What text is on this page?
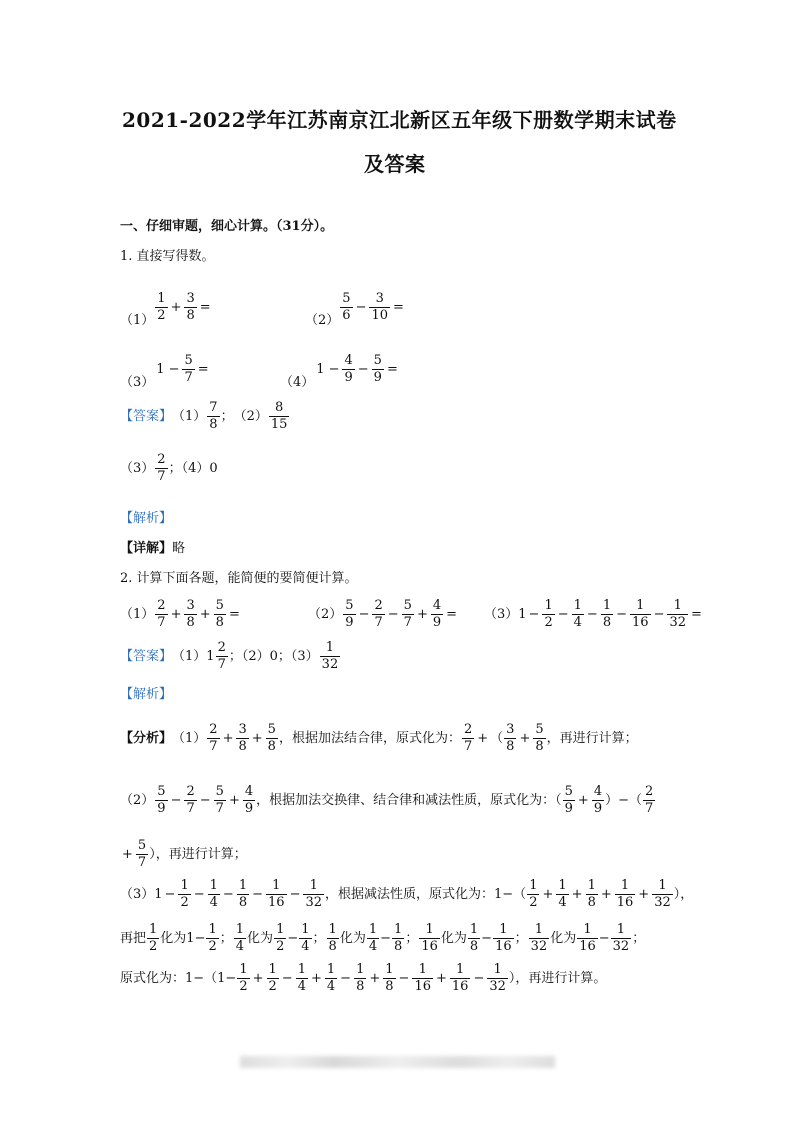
2021-2022学年江苏南京江北新区五年级下册数学期末试卷
及答案
一、仔细审题，细心计算。（31分）。
1. 直接写得数。
$(1) \frac{1}{2} + \frac{3}{8}$ =
$(2) \frac{5}{6} - \frac{3}{10}$ =
（3）
$1 - \frac{5}{7}$ =
（4）
$1 - \frac{4}{9} - \frac{5}{9}$ =
【答案】 $(1) \frac{7}{8}$ ； $(2) \frac{8}{15}$
$(3) \frac{2}{7}$ ；（4）0
【解析】
【详解】略
2. 计算下面各题，能简便的要简便计算。
$(1) \frac{2}{7} + \frac{3}{8} + \frac{5}{8}$ =	$(2) \frac{5}{9} - \frac{2}{7} - \frac{5}{7} + \frac{4}{9} = (3)1 - \frac{1}{2} - \frac{1}{4} - \frac{1}{8} - \frac{1}{16} - \frac{1}{32}$ =
【答案】 $(1)1 \frac{2}{7}$ ；（2）0；$(3) \frac{1}{32}$
【解析】
【分析】 $(1) \frac{2}{7} + \frac{3}{8} + \frac{5}{8}$ ，根据加法结合律，原式化为： $\frac{2}{7}$ + （ $\frac{3}{8} + \frac{5}{8}$ ，再进行计算；
$(2) \frac{5}{9} - \frac{2}{7} - \frac{5}{7} + \frac{4}{9}$ ，根据加法交换律、结合律和减法性质，原式化为：（ $\frac{5}{9} + \frac{4}{9}$ ）−（ $\frac{2}{7}$
+ $\frac{5}{7}$ ），再进行计算；
$(3)1 - \frac{1}{2} - \frac{1}{4} - \frac{1}{8} - \frac{1}{16} - \frac{1}{32}$ ，根据减法性质，原式化为：$1-( \frac{1}{2} + \frac{1}{4} + \frac{1}{8} + \frac{1}{16} + \frac{1}{32}$ ），
再把 $\frac{1}{2}$ 化为$1- \frac{1}{2}$ ； $\frac{1}{4}$ 化为 $\frac{1}{2} - \frac{1}{4}$ ； $\frac{1}{8}$ 化为 $\frac{1}{4} - \frac{1}{8}$ ； $\frac{1}{16}$ 化为 $\frac{1}{8} - \frac{1}{16}$ ； $\frac{1}{32}$ 化为 $\frac{1}{16} - \frac{1}{32}$ ；
原式化为：$1-(1- \frac{1}{2} + \frac{1}{2} - \frac{1}{4} + \frac{1}{4} - \frac{1}{8} + \frac{1}{8} - \frac{1}{16} + \frac{1}{16} - \frac{1}{32}$ ），再进行计算。
